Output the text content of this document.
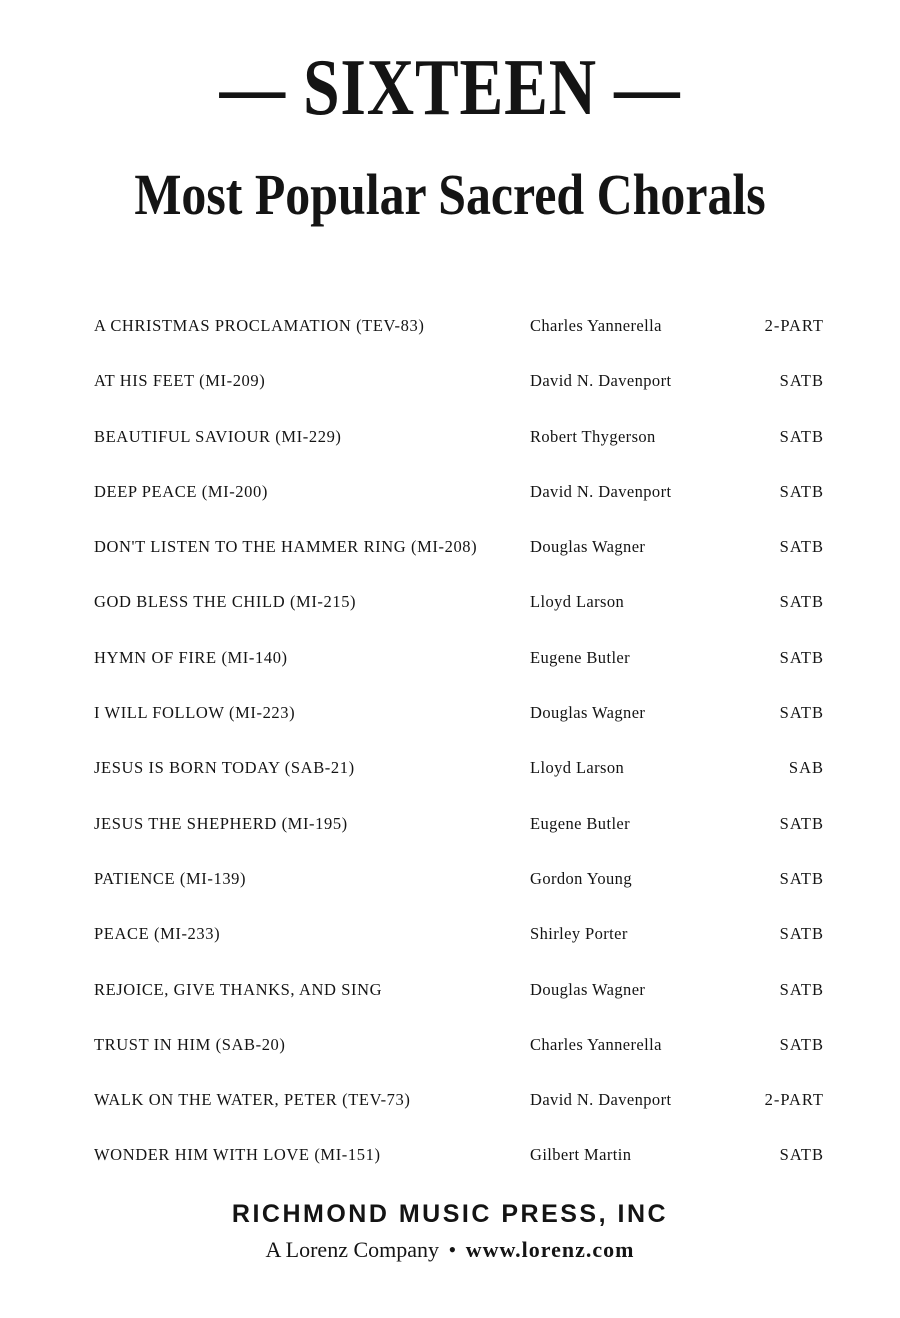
— SIXTEEN —
Most Popular Sacred Chorals
A CHRISTMAS PROCLAMATION (TEV-83)	Charles Yannerella	2-PART
AT HIS FEET (MI-209)	David N. Davenport	SATB
BEAUTIFUL SAVIOUR (MI-229)	Robert Thygerson	SATB
DEEP PEACE (MI-200)	David N. Davenport	SATB
DON'T LISTEN TO THE HAMMER RING (MI-208)	Douglas Wagner	SATB
GOD BLESS THE CHILD (MI-215)	Lloyd Larson	SATB
HYMN OF FIRE (MI-140)	Eugene Butler	SATB
I WILL FOLLOW (MI-223)	Douglas Wagner	SATB
JESUS IS BORN TODAY (SAB-21)	Lloyd Larson	SAB
JESUS THE SHEPHERD (MI-195)	Eugene Butler	SATB
PATIENCE (MI-139)	Gordon Young	SATB
PEACE (MI-233)	Shirley Porter	SATB
REJOICE, GIVE THANKS, AND SING	Douglas Wagner	SATB
TRUST IN HIM (SAB-20)	Charles Yannerella	SATB
WALK ON THE WATER, PETER (TEV-73)	David N. Davenport	2-PART
WONDER HIM WITH LOVE (MI-151)	Gilbert Martin	SATB
RICHMOND MUSIC PRESS, INC
A Lorenz Company • www.lorenz.com
